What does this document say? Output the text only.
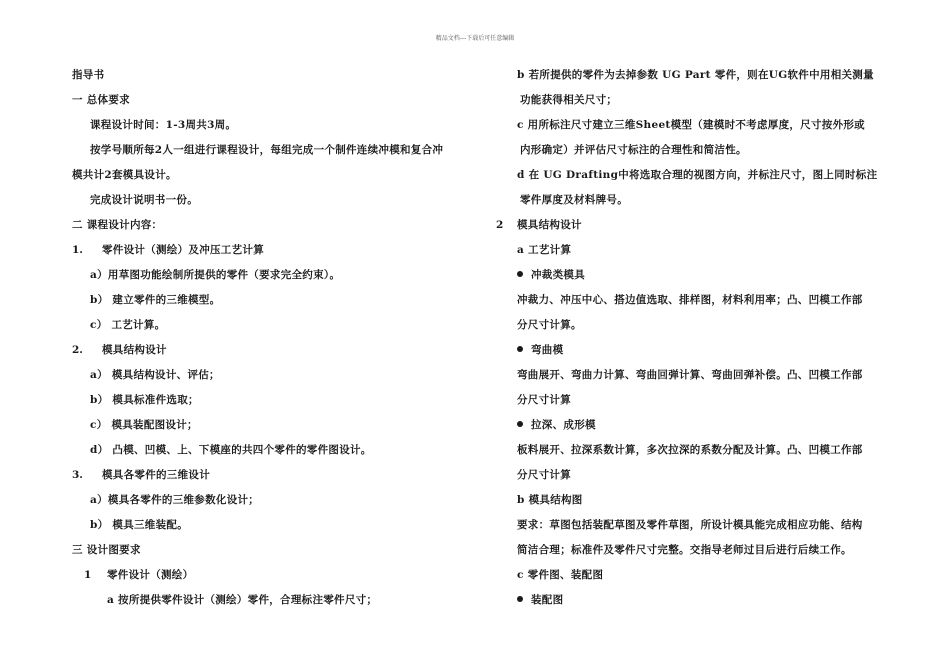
精品文档---下载后可任意编辑
指导书
一 总体要求
课程设计时间：1-3周共3周。
按学号顺所每2人一组进行课程设计，每组完成一个制件连续冲模和复合冲
模共计2套模具设计。
完成设计说明书一份。
二 课程设计内容：
1. 零件设计（测绘）及冲压工艺计算
a）用草图功能绘制所提供的零件（要求完全约束）。
b） 建立零件的三维模型。
c） 工艺计算。
2. 模具结构设计
a） 模具结构设计、评估；
b） 模具标准件选取；
c） 模具装配图设计；
d） 凸模、凹模、上、下模座的共四个零件的零件图设计。
3. 模具各零件的三维设计
a）模具各零件的三维参数化设计；
b） 模具三维装配。
三 设计图要求
1 零件设计（测绘）
a 按所提供零件设计（测绘）零件，合理标注零件尺寸；
b 若所提供的零件为去掉参数 UG Part 零件，则在UG软件中用相关测量
功能获得相关尺寸；
c 用所标注尺寸建立三维Sheet模型（建模时不考虑厚度，尺寸按外形或
内形确定）并评估尺寸标注的合理性和简洁性。
d 在 UG Drafting中将选取合理的视图方向，并标注尺寸，图上同时标注
零件厚度及材料牌号。
2 模具结构设计
a 工艺计算
冲裁类模具
冲裁力、冲压中心、搭边值选取、排样图，材料利用率；凸、凹模工作部
分尺寸计算。
弯曲模
弯曲展开、弯曲力计算、弯曲回弹计算、弯曲回弹补偿。凸、凹模工作部
分尺寸计算
拉深、成形模
板料展开、拉深系数计算，多次拉深的系数分配及计算。凸、凹模工作部
分尺寸计算
b 模具结构图
要求：草图包括装配草图及零件草图，所设计模具能完成相应功能、结构
简洁合理；标准件及零件尺寸完整。交指导老师过目后进行后续工作。
c 零件图、装配图
装配图
